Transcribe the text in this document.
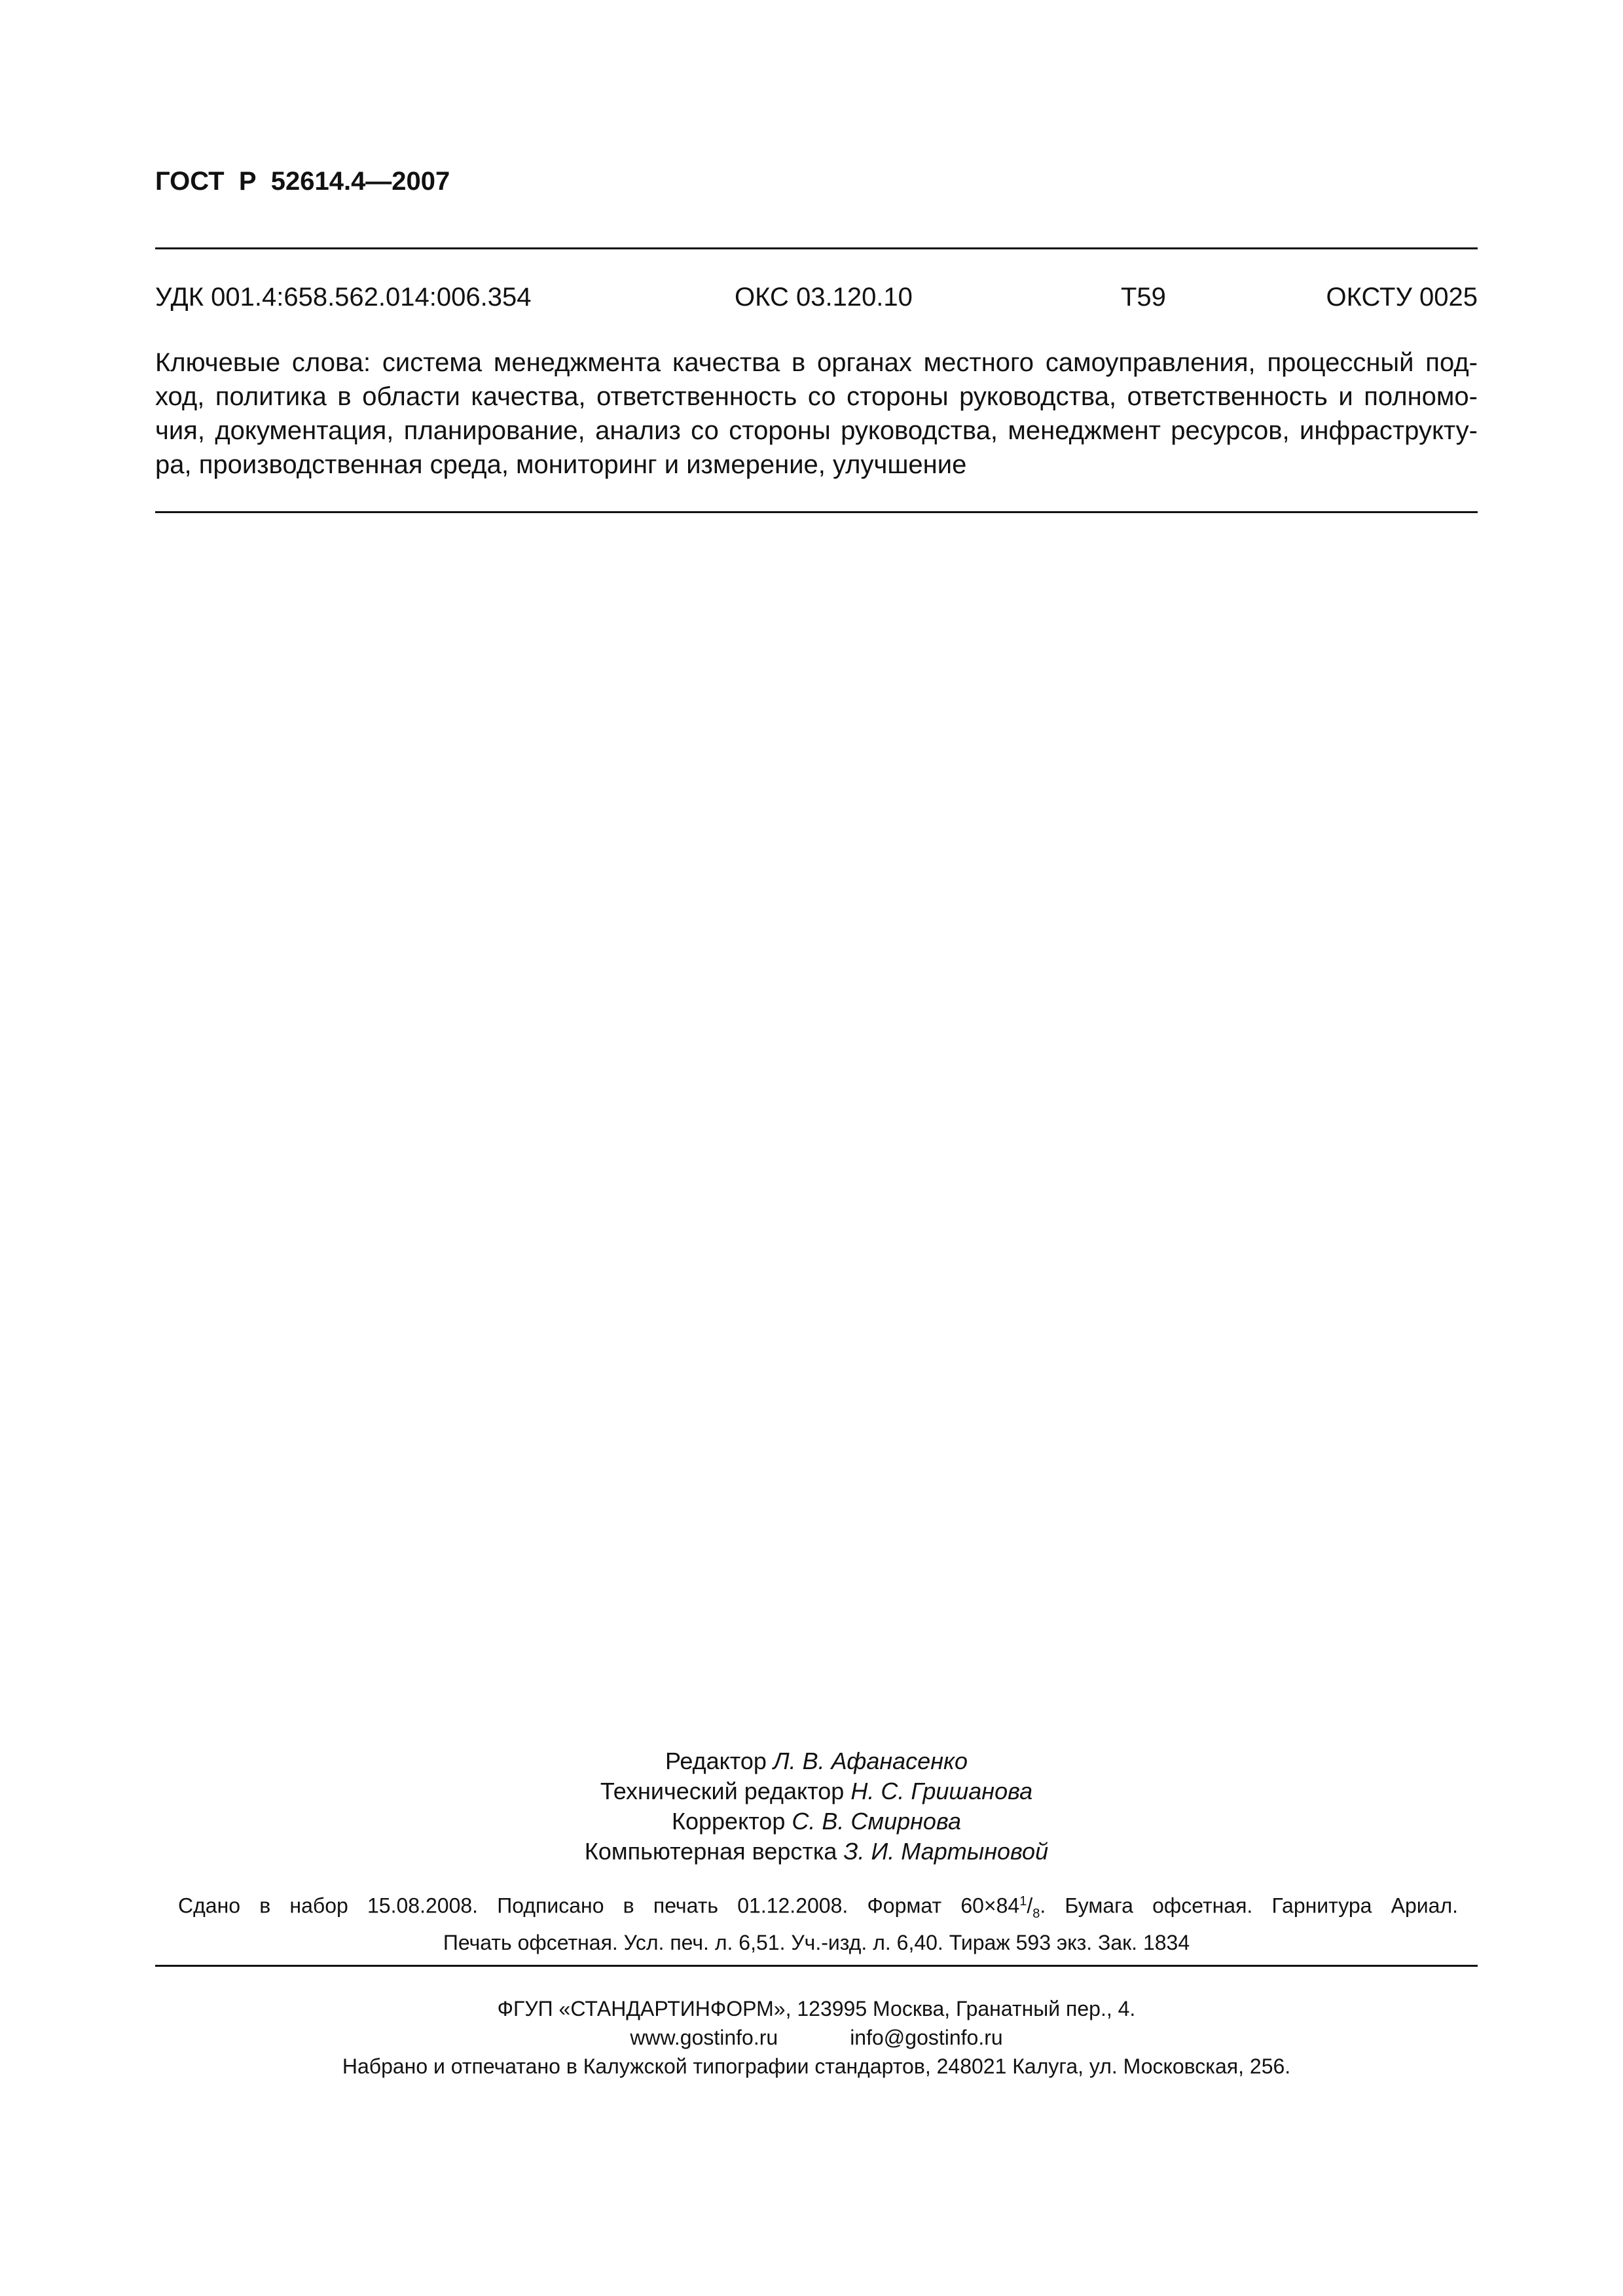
ГОСТ  Р  52614.4—2007
УДК 001.4:658.562.014:006.354	ОКС 03.120.10	Т59	ОКСТУ 0025
Ключевые слова: система менеджмента качества в органах местного самоуправления, процессный под-
ход, политика в области качества, ответственность со стороны руководства, ответственность и полномо-
чия, документация, планирование, анализ со стороны руководства, менеджмент ресурсов, инфраструкту-
ра, производственная среда, мониторинг и измерение, улучшение
Редактор Л. В. Афанасенко
Технический редактор Н. С. Гришанова
Корректор С. В. Смирнова
Компьютерная верстка З. И. Мартыновой
Сдано в набор 15.08.2008. Подписано в печать 01.12.2008. Формат $60\times 84^1/_8$. Бумага офсетная. Гарнитура Ариал.
Печать офсетная. Усл. печ. л. 6,51. Уч.-изд. л. 6,40. Тираж 593 экз. Зак. 1834
ФГУП «СТАНДАРТИНФОРМ», 123995 Москва, Гранатный пер., 4.
www.gostinfo.ru	info@gostinfo.ru
Набрано и отпечатано в Калужской типографии стандартов, 248021 Калуга, ул. Московская, 256.
